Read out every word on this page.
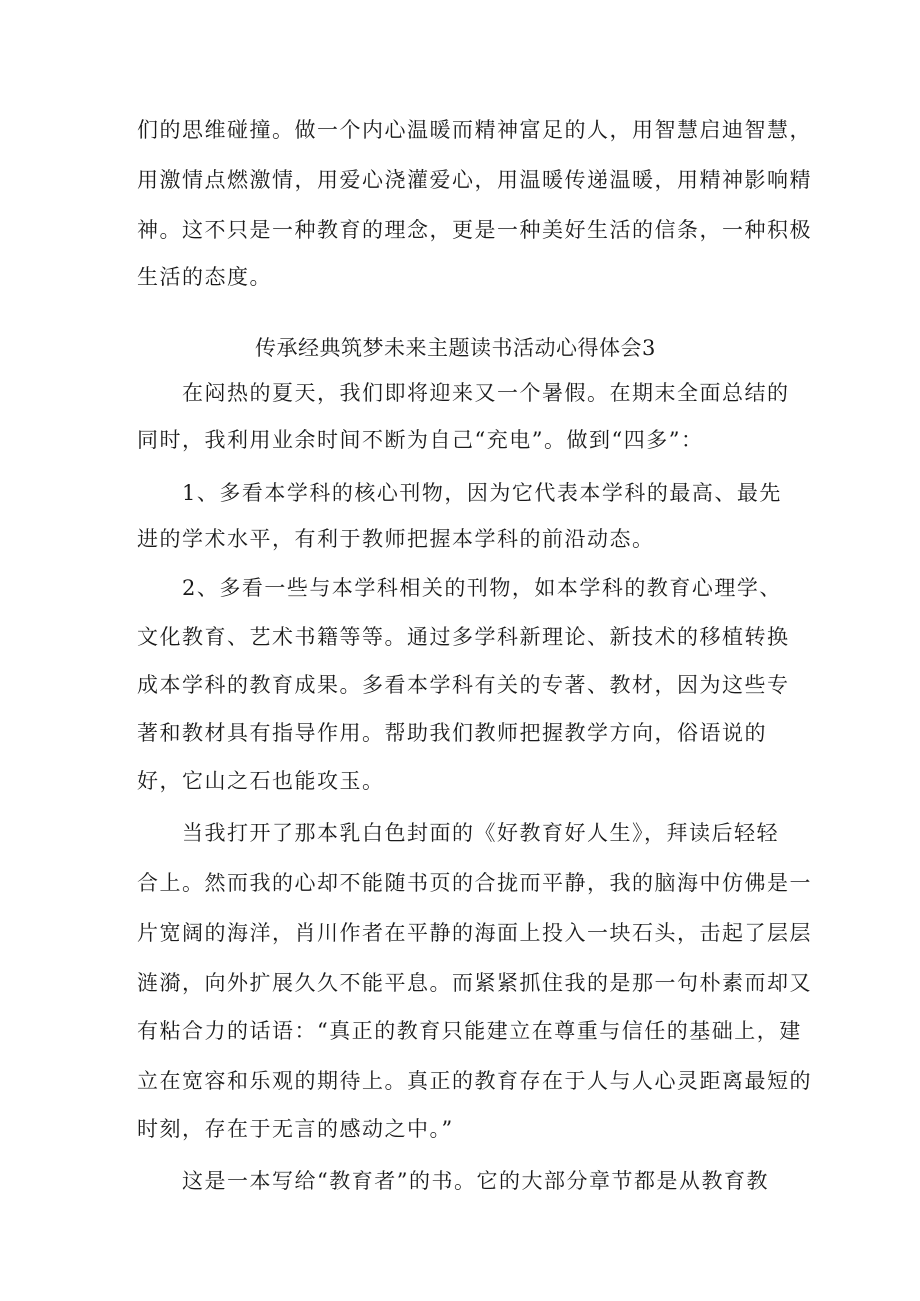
们的思维碰撞。做一个内心温暖而精神富足的人，用智慧启迪智慧，
用激情点燃激情，用爱心浇灌爱心，用温暖传递温暖，用精神影响精
神。这不只是一种教育的理念，更是一种美好生活的信条，一种积极
生活的态度。
传承经典筑梦未来主题读书活动心得体会3
在闷热的夏天，我们即将迎来又一个暑假。在期末全面总结的
同时，我利用业余时间不断为自己“充电”。做到“四多”：
1、多看本学科的核心刊物，因为它代表本学科的最高、最先
进的学术水平，有利于教师把握本学科的前沿动态。
2、多看一些与本学科相关的刊物，如本学科的教育心理学、
文化教育、艺术书籍等等。通过多学科新理论、新技术的移植转换
成本学科的教育成果。多看本学科有关的专著、教材，因为这些专
著和教材具有指导作用。帮助我们教师把握教学方向，俗语说的
好，它山之石也能攻玉。
当我打开了那本乳白色封面的《好教育好人生》，拜读后轻轻
合上。然而我的心却不能随书页的合拢而平静，我的脑海中仿佛是一
片宽阔的海洋，肖川作者在平静的海面上投入一块石头，击起了层层
涟漪，向外扩展久久不能平息。而紧紧抓住我的是那一句朴素而却又
有粘合力的话语：“真正的教育只能建立在尊重与信任的基础上，建
立在宽容和乐观的期待上。真正的教育存在于人与人心灵距离最短的
时刻，存在于无言的感动之中。”
这是一本写给“教育者”的书。它的大部分章节都是从教育教
